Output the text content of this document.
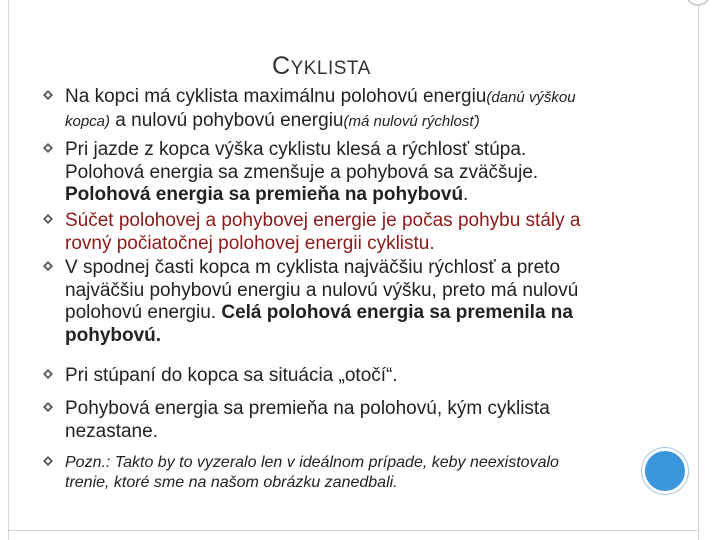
CYKLISTA
Na kopci má cyklista maximálnu polohovú energiu(danú výškou
kopca) a nulovú pohybovú energiu(má nulovú rýchlosť)
Pri jazde z kopca výška cyklistu klesá a rýchlosť stúpa.
Polohová energia sa zmenšuje a pohybová sa zväčšuje.
Polohová energia sa premieňa na pohybovú.
Súčet polohovej a pohybovej energie je počas pohybu stály a
rovný počiatočnej polohovej energii cyklistu.
V spodnej časti kopca m cyklista najväčšiu rýchlosť a preto
najväčšiu pohybovú energiu a nulovú výšku, preto má nulovú
polohovú energiu. Celá polohová energia sa premenila na
pohybovú.
Pri stúpaní do kopca sa situácia „otočí“.
Pohybová energia sa premieňa na polohovú, kým cyklista
nezastane.
Pozn.: Takto by to vyzeralo len v ideálnom prípade, keby neexistovalo
trenie, ktoré sme na našom obrázku zanedbali.
